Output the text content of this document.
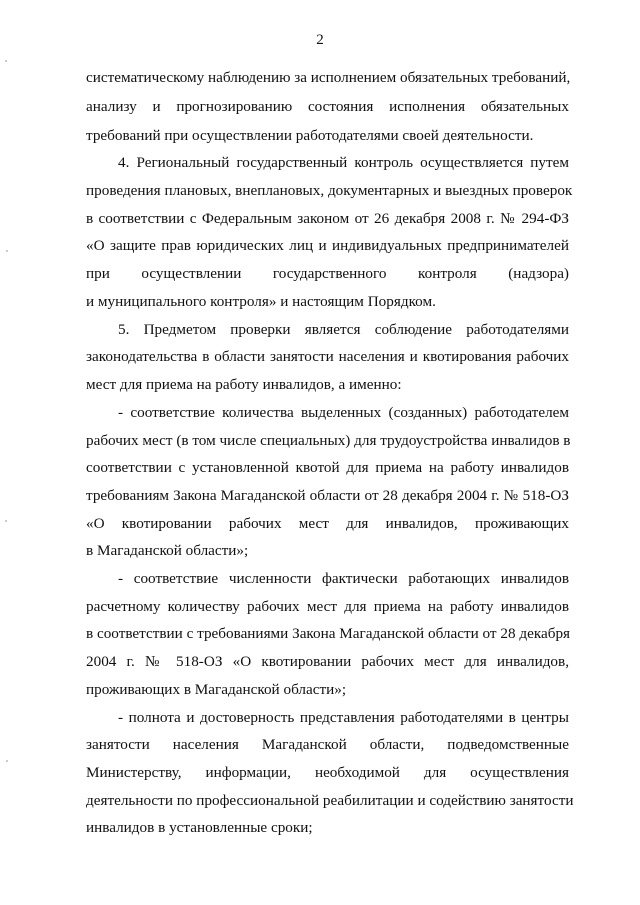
2
систематическому наблюдению за исполнением обязательных требований,
анализу и прогнозированию состояния исполнения обязательных
требований при осуществлении работодателями своей деятельности.
4. Региональный государственный контроль осуществляется путем
проведения плановых, внеплановых, документарных и выездных проверок
в соответствии с Федеральным законом от 26 декабря 2008 г. № 294-ФЗ
«О защите прав юридических лиц и индивидуальных предпринимателей
при осуществлении государственного контроля (надзора)
и муниципального контроля» и настоящим Порядком.
5. Предметом проверки является соблюдение работодателями
законодательства в области занятости населения и квотирования рабочих
мест для приема на работу инвалидов, а именно:
- соответствие количества выделенных (созданных) работодателем
рабочих мест (в том числе специальных) для трудоустройства инвалидов в
соответствии с установленной квотой для приема на работу инвалидов
требованиям Закона Магаданской области от 28 декабря 2004 г. № 518-ОЗ
«О квотировании рабочих мест для инвалидов, проживающих
в Магаданской области»;
- соответствие численности фактически работающих инвалидов
расчетному количеству рабочих мест для приема на работу инвалидов
в соответствии с требованиями Закона Магаданской области от 28 декабря
2004 г. № 518-ОЗ «О квотировании рабочих мест для инвалидов,
проживающих в Магаданской области»;
- полнота и достоверность представления работодателями в центры
занятости населения Магаданской области, подведомственные
Министерству, информации, необходимой для осуществления
деятельности по профессиональной реабилитации и содействию занятости
инвалидов в установленные сроки;
